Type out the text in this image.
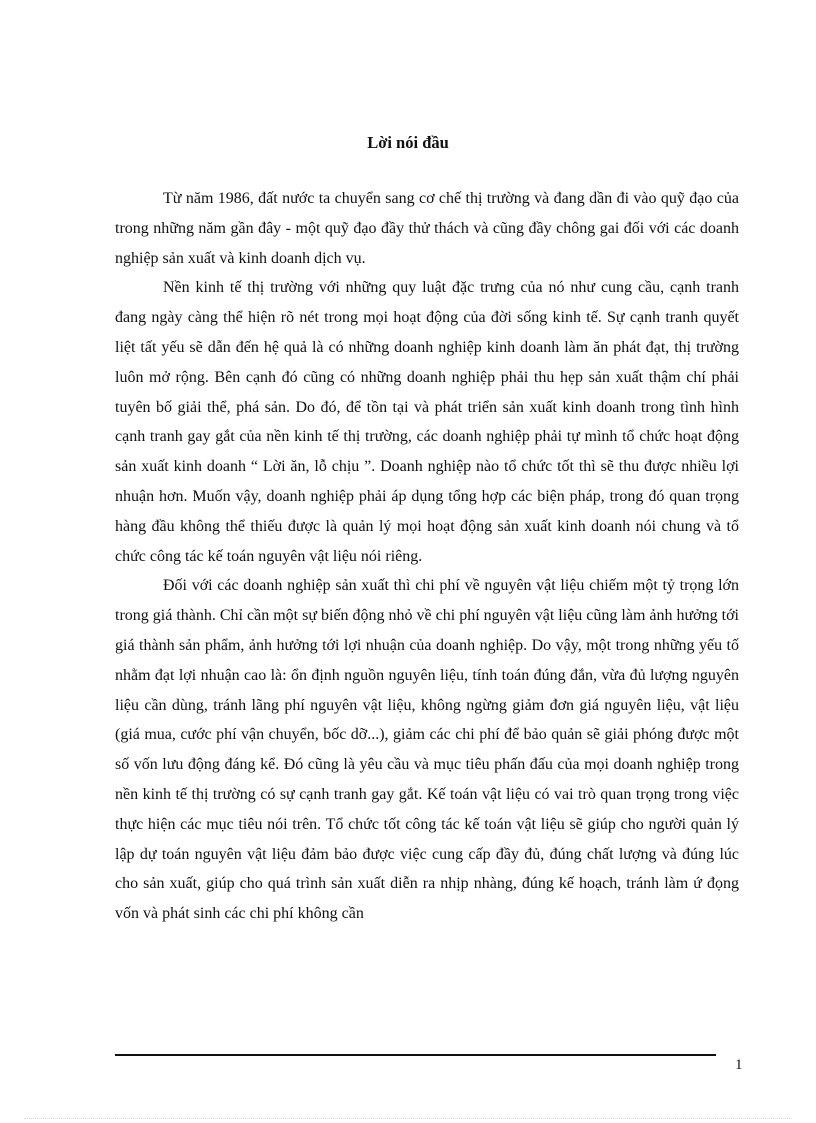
Lời nói đầu

Từ năm 1986, đất nước ta chuyển sang cơ chế thị trường và đang dần đi vào quỹ đạo của trong những năm gần đây - một quỹ đạo đầy thử thách và cũng đầy chông gai đối với các doanh nghiệp sản xuất và kinh doanh dịch vụ.

Nền kinh tế thị trường với những quy luật đặc trưng của nó như cung cầu, cạnh tranh đang ngày càng thể hiện rõ nét trong mọi hoạt động của đời sống kinh tế. Sự cạnh tranh quyết liệt tất yếu sẽ dẫn đến hệ quả là có những doanh nghiệp kinh doanh làm ăn phát đạt, thị trường luôn mở rộng. Bên cạnh đó cũng có những doanh nghiệp phải thu hẹp sản xuất thậm chí phải tuyên bố giải thể, phá sản. Do đó, để tồn tại và phát triển sản xuất kinh doanh trong tình hình cạnh tranh gay gắt của nền kinh tế thị trường, các doanh nghiệp phải tự mình tổ chức hoạt động sản xuất kinh doanh “ Lời ăn, lỗ chịu ”. Doanh nghiệp nào tổ chức tốt thì sẽ thu được nhiều lợi nhuận hơn. Muốn vậy, doanh nghiệp phải áp dụng tổng hợp các biện pháp, trong đó quan trọng hàng đầu không thể thiếu được là quản lý mọi hoạt động sản xuất kinh doanh nói chung và tổ chức công tác kế toán nguyên vật liệu nói riêng.

Đối với các doanh nghiệp sản xuất thì chi phí về nguyên vật liệu chiếm một tỷ trọng lớn trong giá thành. Chỉ cần một sự biến động nhỏ về chi phí nguyên vật liệu cũng làm ảnh hưởng tới giá thành sản phẩm, ảnh hưởng tới lợi nhuận của doanh nghiệp. Do vậy, một trong những yếu tố nhằm đạt lợi nhuận cao là: ổn định nguồn nguyên liệu, tính toán đúng đắn, vừa đủ lượng nguyên liệu cần dùng, tránh lãng phí nguyên vật liệu, không ngừng giảm đơn giá nguyên liệu, vật liệu (giá mua, cước phí vận chuyển, bốc dỡ...), giảm các chi phí để bảo quản sẽ giải phóng được một số vốn lưu động đáng kể. Đó cũng là yêu cầu và mục tiêu phấn đấu của mọi doanh nghiệp trong nền kinh tế thị trường có sự cạnh tranh gay gắt. Kế toán vật liệu có vai trò quan trọng trong việc thực hiện các mục tiêu nói trên. Tổ chức tốt công tác kế toán vật liệu sẽ giúp cho người quản lý lập dự toán nguyên vật liệu đảm bảo được việc cung cấp đầy đủ, đúng chất lượng và đúng lúc cho sản xuất, giúp cho quá trình sản xuất diễn ra nhịp nhàng, đúng kế hoạch, tránh làm ứ đọng vốn và phát sinh các chi phí không cần

1
